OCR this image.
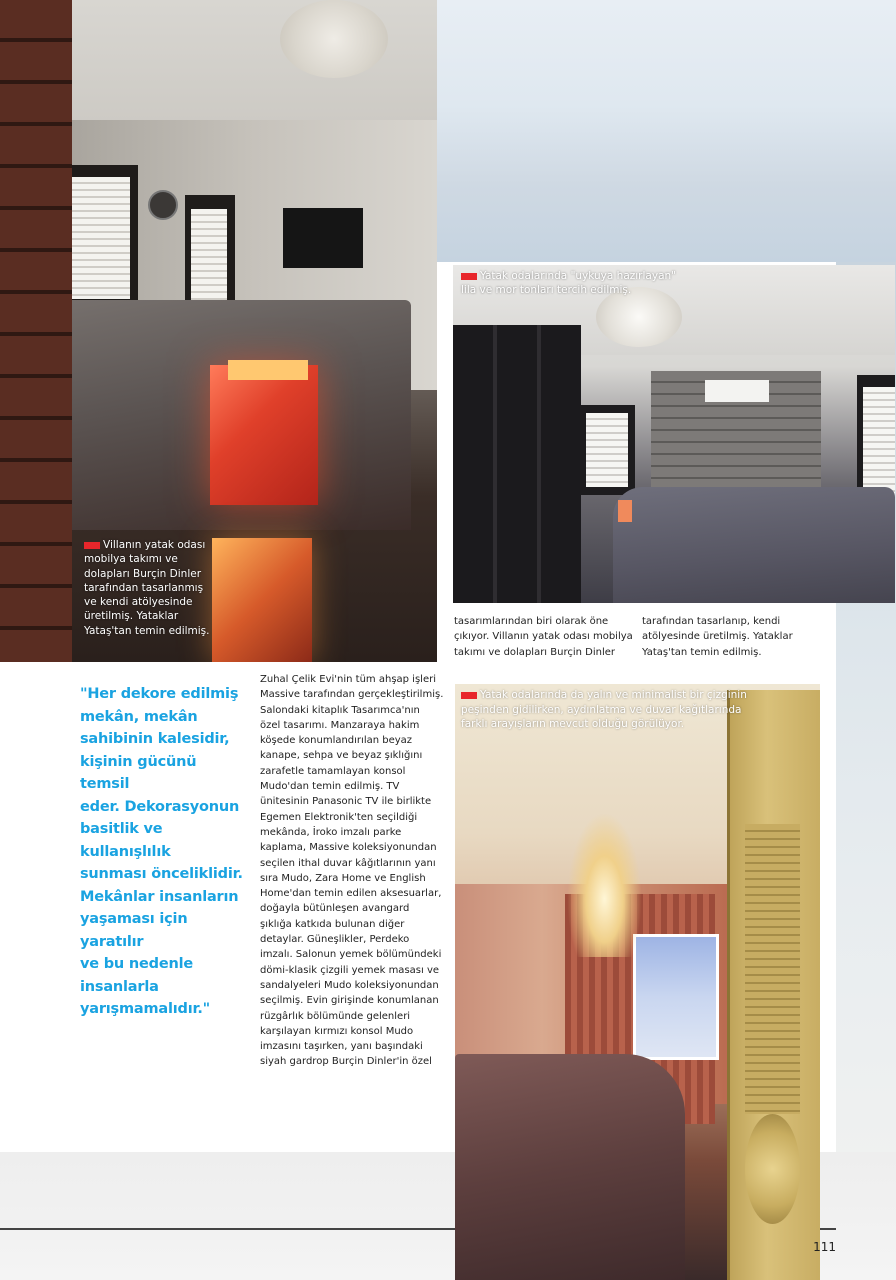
Villanın yatak odası

mobilya takımı ve

dolapları Burçin Dinler

tarafından tasarlanmış

ve kendi atölyesinde

üretilmiş. Yataklar

Yataş'tan temin edilmiş.

Yatak odalarında "uykuya hazırlayan"

lila ve mor tonları tercih edilmiş.

Yatak odalarında da yalın ve minimalist bir çizginin

peşinden gidilirken, aydınlatma ve duvar kağıtlarında

farklı arayışların mevcut olduğu görülüyor.

"Her dekore edilmiş

mekân, mekân

sahibinin kalesidir,

kişinin gücünü temsil

eder. Dekorasyonun

basitlik ve kullanışlılık

sunması önceliklidir.

Mekânlar insanların

yaşaması için yaratılır

ve bu nedenle

insanlarla

yarışmamalıdır."

Zuhal Çelik Evi'nin tüm ahşap işleri

Massive tarafından gerçekleştirilmiş.

Salondaki kitaplık Tasarımca'nın

özel tasarımı. Manzaraya hakim

köşede konumlandırılan beyaz

kanape, sehpa ve beyaz şıklığını

zarafetle tamamlayan konsol

Mudo'dan temin edilmiş. TV

ünitesinin Panasonic TV ile birlikte

Egemen Elektronik'ten seçildiği

mekânda, İroko imzalı parke

kaplama, Massive koleksiyonundan

seçilen ithal duvar kâğıtlarının yanı

sıra Mudo, Zara Home ve English

Home'dan temin edilen aksesuarlar,

doğayla bütünleşen avangard

şıklığa katkıda bulunan diğer

detaylar. Güneşlikler, Perdeko

imzalı. Salonun yemek bölümündeki

dömi-klasik çizgili yemek masası ve

sandalyeleri Mudo koleksiyonundan

seçilmiş. Evin girişinde konumlanan

rüzgârlık bölümünde gelenleri

karşılayan kırmızı konsol Mudo

imzasını taşırken, yanı başındaki

siyah gardrop Burçin Dinler'in özel

tasarımlarından biri olarak öne

çıkıyor. Villanın yatak odası mobilya

takımı ve dolapları Burçin Dinler

tarafından tasarlanıp, kendi

atölyesinde üretilmiş. Yataklar

Yataş'tan temin edilmiş.

111
